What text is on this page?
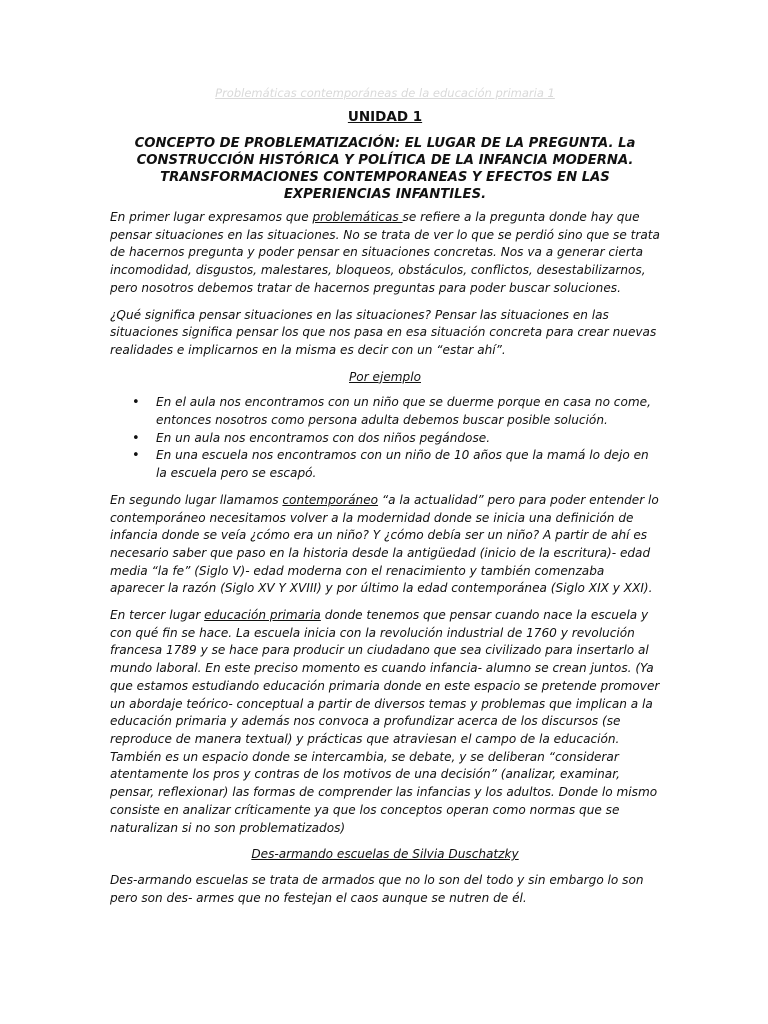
Problemáticas contemporáneas de la educación primaria 1
UNIDAD 1
CONCEPTO DE PROBLEMATIZACIÓN: EL LUGAR DE LA PREGUNTA. La CONSTRUCCIÓN HISTÓRICA Y POLÍTICA DE LA INFANCIA MODERNA. TRANSFORMACIONES CONTEMPORANEAS Y EFECTOS EN LAS EXPERIENCIAS INFANTILES.

En primer lugar expresamos que problemáticas se refiere a la pregunta donde hay que pensar situaciones en las situaciones. No se trata de ver lo que se perdió sino que se trata de hacernos pregunta y poder pensar en situaciones concretas. Nos va a generar cierta incomodidad, disgustos, malestares, bloqueos, obstáculos, conflictos, desestabilizarnos, pero nosotros debemos tratar de hacernos preguntas para poder buscar soluciones.

¿Qué significa pensar situaciones en las situaciones? Pensar las situaciones en las situaciones significa pensar los que nos pasa en esa situación concreta para crear nuevas realidades e implicarnos en la misma es decir con un “estar ahí”.

Por ejemplo
• En el aula nos encontramos con un niño que se duerme porque en casa no come, entonces nosotros como persona adulta debemos buscar posible solución.
• En un aula nos encontramos con dos niños pegándose.
• En una escuela nos encontramos con un niño de 10 años que la mamá lo dejo en la escuela pero se escapó.

En segundo lugar llamamos contemporáneo “a la actualidad” pero para poder entender lo contemporáneo necesitamos volver a la modernidad donde se inicia una definición de infancia donde se veía ¿cómo era un niño? Y ¿cómo debía ser un niño? A partir de ahí es necesario saber que paso en la historia desde la antigüedad (inicio de la escritura)- edad media “la fe” (Siglo V)- edad moderna con el renacimiento y también comenzaba aparecer la razón (Siglo XV Y XVIII) y por último la edad contemporánea (Siglo XIX y XXI).

En tercer lugar educación primaria donde tenemos que pensar cuando nace la escuela y con qué fin se hace. La escuela inicia con la revolución industrial de 1760 y revolución francesa 1789 y se hace para producir un ciudadano que sea civilizado para insertarlo al mundo laboral. En este preciso momento es cuando infancia- alumno se crean juntos. (Ya que estamos estudiando educación primaria donde en este espacio se pretende promover un abordaje teórico- conceptual a partir de diversos temas y problemas que implican a la educación primaria y además nos convoca a profundizar acerca de los discursos (se reproduce de manera textual) y prácticas que atraviesan el campo de la educación. También es un espacio donde se intercambia, se debate, y se deliberan “considerar atentamente los pros y contras de los motivos de una decisión” (analizar, examinar, pensar, reflexionar) las formas de comprender las infancias y los adultos. Donde lo mismo consiste en analizar críticamente ya que los conceptos operan como normas que se naturalizan si no son problematizados)

Des-armando escuelas de Silvia Duschatzky

Des-armando escuelas se trata de armados que no lo son del todo y sin embargo lo son pero son des- armes que no festejan el caos aunque se nutren de él.
